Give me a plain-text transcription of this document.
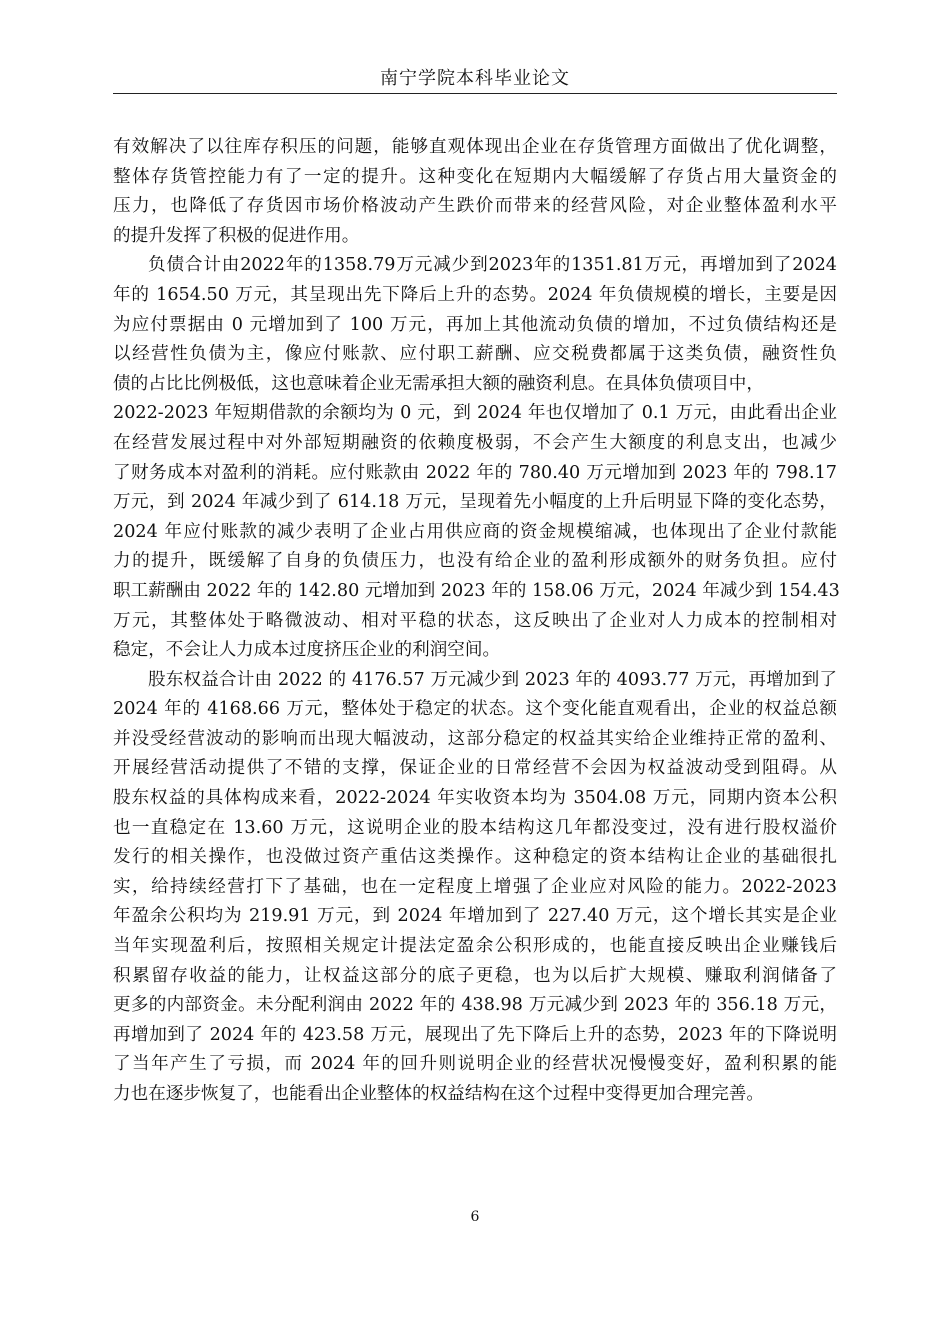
南宁学院本科毕业论文
有效解决了以往库存积压的问题，能够直观体现出企业在存货管理方面做出了优化调整，
整体存货管控能力有了一定的提升。这种变化在短期内大幅缓解了存货占用大量资金的
压力，也降低了存货因市场价格波动产生跌价而带来的经营风险，对企业整体盈利水平
的提升发挥了积极的促进作用。
负债合计由2022年的1358.79万元减少到2023年的1351.81万元，再增加到了2024
年的 1654.50 万元，其呈现出先下降后上升的态势。2024 年负债规模的增长，主要是因
为应付票据由 0 元增加到了 100 万元，再加上其他流动负债的增加，不过负债结构还是
以经营性负债为主，像应付账款、应付职工薪酬、应交税费都属于这类负债，融资性负
债的占比比例极低，这也意味着企业无需承担大额的融资利息。在具体负债项目中，
2022-2023 年短期借款的余额均为 0 元，到 2024 年也仅增加了 0.1 万元，由此看出企业
在经营发展过程中对外部短期融资的依赖度极弱，不会产生大额度的利息支出，也减少
了财务成本对盈利的消耗。应付账款由 2022 年的 780.40 万元增加到 2023 年的 798.17
万元，到 2024 年减少到了 614.18 万元，呈现着先小幅度的上升后明显下降的变化态势，
2024 年应付账款的减少表明了企业占用供应商的资金规模缩减，也体现出了企业付款能
力的提升，既缓解了自身的负债压力，也没有给企业的盈利形成额外的财务负担。应付
职工薪酬由 2022 年的 142.80 元增加到 2023 年的 158.06 万元，2024 年减少到 154.43
万元，其整体处于略微波动、相对平稳的状态，这反映出了企业对人力成本的控制相对
稳定，不会让人力成本过度挤压企业的利润空间。
股东权益合计由 2022 的 4176.57 万元减少到 2023 年的 4093.77 万元，再增加到了
2024 年的 4168.66 万元，整体处于稳定的状态。这个变化能直观看出，企业的权益总额
并没受经营波动的影响而出现大幅波动，这部分稳定的权益其实给企业维持正常的盈利、
开展经营活动提供了不错的支撑，保证企业的日常经营不会因为权益波动受到阻碍。从
股东权益的具体构成来看，2022-2024 年实收资本均为 3504.08 万元，同期内资本公积
也一直稳定在 13.60 万元，这说明企业的股本结构这几年都没变过，没有进行股权溢价
发行的相关操作，也没做过资产重估这类操作。这种稳定的资本结构让企业的基础很扎
实，给持续经营打下了基础，也在一定程度上增强了企业应对风险的能力。2022-2023
年盈余公积均为 219.91 万元，到 2024 年增加到了 227.40 万元，这个增长其实是企业
当年实现盈利后，按照相关规定计提法定盈余公积形成的，也能直接反映出企业赚钱后
积累留存收益的能力，让权益这部分的底子更稳，也为以后扩大规模、赚取利润储备了
更多的内部资金。未分配利润由 2022 年的 438.98 万元减少到 2023 年的 356.18 万元，
再增加到了 2024 年的 423.58 万元，展现出了先下降后上升的态势，2023 年的下降说明
了当年产生了亏损，而 2024 年的回升则说明企业的经营状况慢慢变好，盈利积累的能
力也在逐步恢复了，也能看出企业整体的权益结构在这个过程中变得更加合理完善。
6
